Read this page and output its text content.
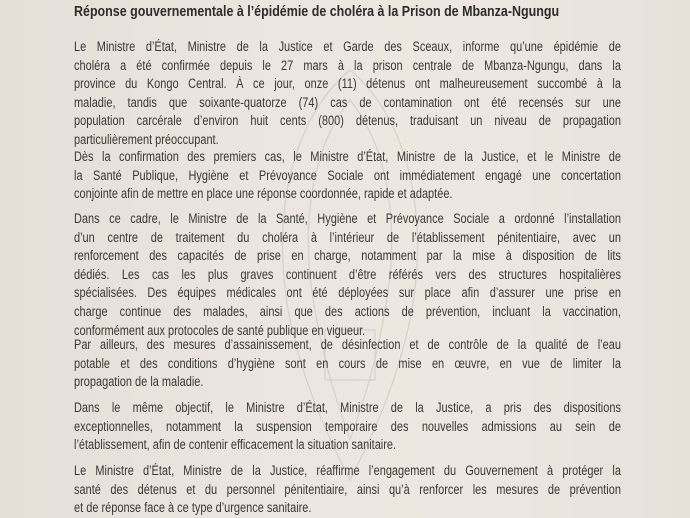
Réponse gouvernementale à l’épidémie de choléra à la Prison de Mbanza-Ngungu
Le Ministre d’État, Ministre de la Justice et Garde des Sceaux, informe qu’une épidémie de
choléra a été confirmée depuis le 27 mars à la prison centrale de Mbanza-Ngungu, dans la
province du Kongo Central. À ce jour, onze (11) détenus ont malheureusement succombé à la
maladie, tandis que soixante-quatorze (74) cas de contamination ont été recensés sur une
population carcérale d’environ huit cents (800) détenus, traduisant un niveau de propagation
particulièrement préoccupant.
Dès la confirmation des premiers cas, le Ministre d’État, Ministre de la Justice, et le Ministre de
la Santé Publique, Hygiène et Prévoyance Sociale ont immédiatement engagé une concertation
conjointe afin de mettre en place une réponse coordonnée, rapide et adaptée.
Dans ce cadre, le Ministre de la Santé, Hygiène et Prévoyance Sociale a ordonné l’installation
d’un centre de traitement du choléra à l’intérieur de l’établissement pénitentiaire, avec un
renforcement des capacités de prise en charge, notamment par la mise à disposition de lits
dédiés. Les cas les plus graves continuent d’être référés vers des structures hospitalières
spécialisées. Des équipes médicales ont été déployées sur place afin d’assurer une prise en
charge continue des malades, ainsi que des actions de prévention, incluant la vaccination,
conformément aux protocoles de santé publique en vigueur.
Par ailleurs, des mesures d’assainissement, de désinfection et de contrôle de la qualité de l’eau
potable et des conditions d’hygiène sont en cours de mise en œuvre, en vue de limiter la
propagation de la maladie.
Dans le même objectif, le Ministre d’État, Ministre de la Justice, a pris des dispositions
exceptionnelles, notamment la suspension temporaire des nouvelles admissions au sein de
l’établissement, afin de contenir efficacement la situation sanitaire.
Le Ministre d’État, Ministre de la Justice, réaffirme l’engagement du Gouvernement à protéger la
santé des détenus et du personnel pénitentiaire, ainsi qu’à renforcer les mesures de prévention
et de réponse face à ce type d’urgence sanitaire.
